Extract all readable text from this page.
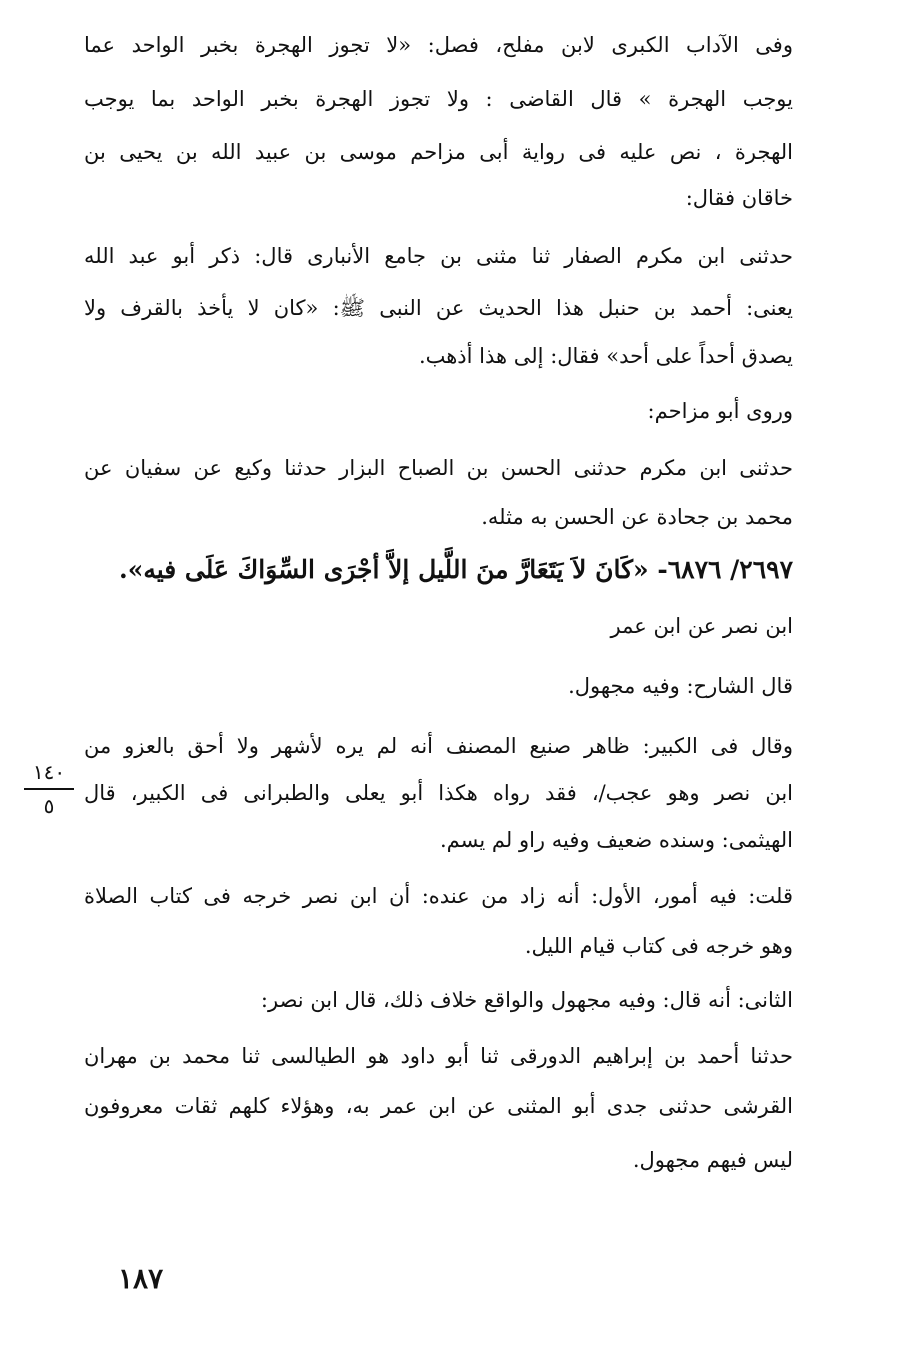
وفى الآداب الكبرى لابن مفلح، فصل: «لا تجوز الهجرة بخبر الواحد عما
يوجب الهجرة » قال القاضى : ولا تجوز الهجرة بخبر الواحد بما يوجب
الهجرة ، نص عليه فى رواية أبى مزاحم موسى بن عبيد الله بن يحيى بن
خاقان فقال:
حدثنى ابن مكرم الصفار ثنا مثنى بن جامع الأنبارى قال: ذكر أبو عبد الله
يعنى: أحمد بن حنبل هذا الحديث عن النبى ﷺ: «كان لا يأخذ بالقرف ولا
يصدق أحداً على أحد» فقال: إلى هذا أذهب.
وروى أبو مزاحم:
حدثنى ابن مكرم حدثنى الحسن بن الصباح البزار حدثنا وكيع عن سفيان عن
محمد بن جحادة عن الحسن به مثله.
٢٦٩٧/ ٦٨٧٦- «كَانَ لاَ يَتَعَارَّ منَ اللَّيل إلاَّ أجْرَى السِّوَاكَ عَلَى فيه».
ابن نصر عن ابن عمر
قال الشارح: وفيه مجهول.
وقال فى الكبير: ظاهر صنيع المصنف أنه لم يره لأشهر ولا أحق بالعزو من
ابن نصر وهو عجب/، فقد رواه هكذا أبو يعلى والطبرانى فى الكبير، قال
الهيثمى: وسنده ضعيف وفيه راو لم يسم.
قلت: فيه أمور، الأول: أنه زاد من عنده: أن ابن نصر خرجه فى كتاب الصلاة
وهو خرجه فى كتاب قيام الليل.
الثانى: أنه قال: وفيه مجهول والواقع خلاف ذلك، قال ابن نصر:
حدثنا أحمد بن إبراهيم الدورقى ثنا أبو داود هو الطيالسى ثنا محمد بن مهران
القرشى حدثنى جدى أبو المثنى عن ابن عمر به، وهؤلاء كلهم ثقات معروفون
ليس فيهم مجهول.
١٤٠
٥
١٨٧
